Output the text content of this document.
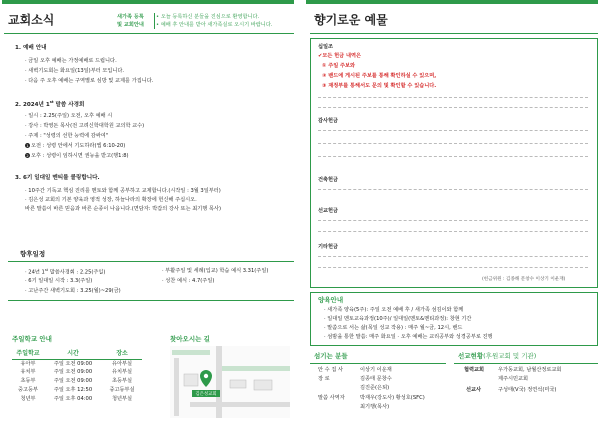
교회소식	새가족 등록
및 교회안내
• 오늘 등록하신 분들을 진심으로 환영합니다.
• 예배 후 안내를 받아 새가족실로 오시기 바랍니다.
1. 예배 안내
· 금일 오후 예배는 가정예배로 드립니다.
· 새벽기도회는 화요일(13일)부터 모입니다.
· 다음 주 오후 예배는 구역별로 심방 및 교제를 가집니다.
2. 2024년 1st 말씀 사경회
· 일시 : 2.25(주일) 오전, 오후 예배 시
· 강사 : 박영돈 목사(전 고려신학대학원 교의학 교수)
· 주제 : "성령의 선한 능력에 감싸여"
1 오전 : 성령 안에서 기도하라(엡 6:10-20)
2 오후 : 성령이 임하시면 권능을 받고(행1:8)
3. 6기 일대일 멘티를 콜링합니다.
· 10주간 기독교 핵심 진리를 멘토와 함께 공부하고 교제합니다.(시작일 : 3월 3일부터)
· 김은성 교회의 기본 양육과 영적 성장, 하늘나라의 확장에 헌신해 주십시오.
바른 말씀이 바른 믿음과 바른 순종이 나옵니다.(면담자: 박갑의 강사 또는 최기행 목사)
향후일정
· 24년 1st 말씀사경회 : 2.25(주일)
· 6기 일대일 시작 : 3.3(주일)
· 고난주간 새벽기도회 : 3.25(월)~29(금)
· 부활주일 및 세례(입교) 학습 예식 3.31(주일)
· 성찬 예식 : 4.7(주일)
주일학교 안내
주일학교	시간	장소
유아부	주일 오전 09:00	유아부실
유치부	주일 오전 09:00	유치부실
초등부	주일 오전 09:00	초등부실
중고등부	주일 오후 12:50	중고등부실
청년부	주일 오후 04:00	청년부실
찾아오시는 길
김은성교회
향기로운 예물
십일조
✔모든 헌금 내역은
① 주일 주보와
② 밴드에 게시된 주보를 통해 확인하실 수 있으며,
③ 재정부를 통해서도 문의 및 확인할 수 있습니다.
감사헌금
건축헌금
선교헌금
기타헌금
(헌금위원 : 김종해 문창수 이상기 이운재)
양육안내
· 새가족 양육(5주): 주일 오전 예배 후 / 새가족 섬김이와 함께
· 일대일 멘토교육과정(10주)/ 일대일(멘토&멘티과정): 창현 기간
· 말씀으로 서는 삶(목일 성교 작용) : 매주 월~금, 12시, 밴드
· 섬밤을 통한 말씀: 매주 화요일 · 오후 예배는 교리공부와 성경공부로 진행
섬기는 분들
안 수 집 사	이상기 이운재
장 로	김종태 문창수
김진준(은퇴)
말씀 사역자	박재우(강도사) 황성호(SFC)
최기행(목사)
선교현황(후원교회 및 기관)
협력교회	우가동교회, 남월산정로교회
제주시민교회
선교사	구성태(V국) 정연석(미국)
